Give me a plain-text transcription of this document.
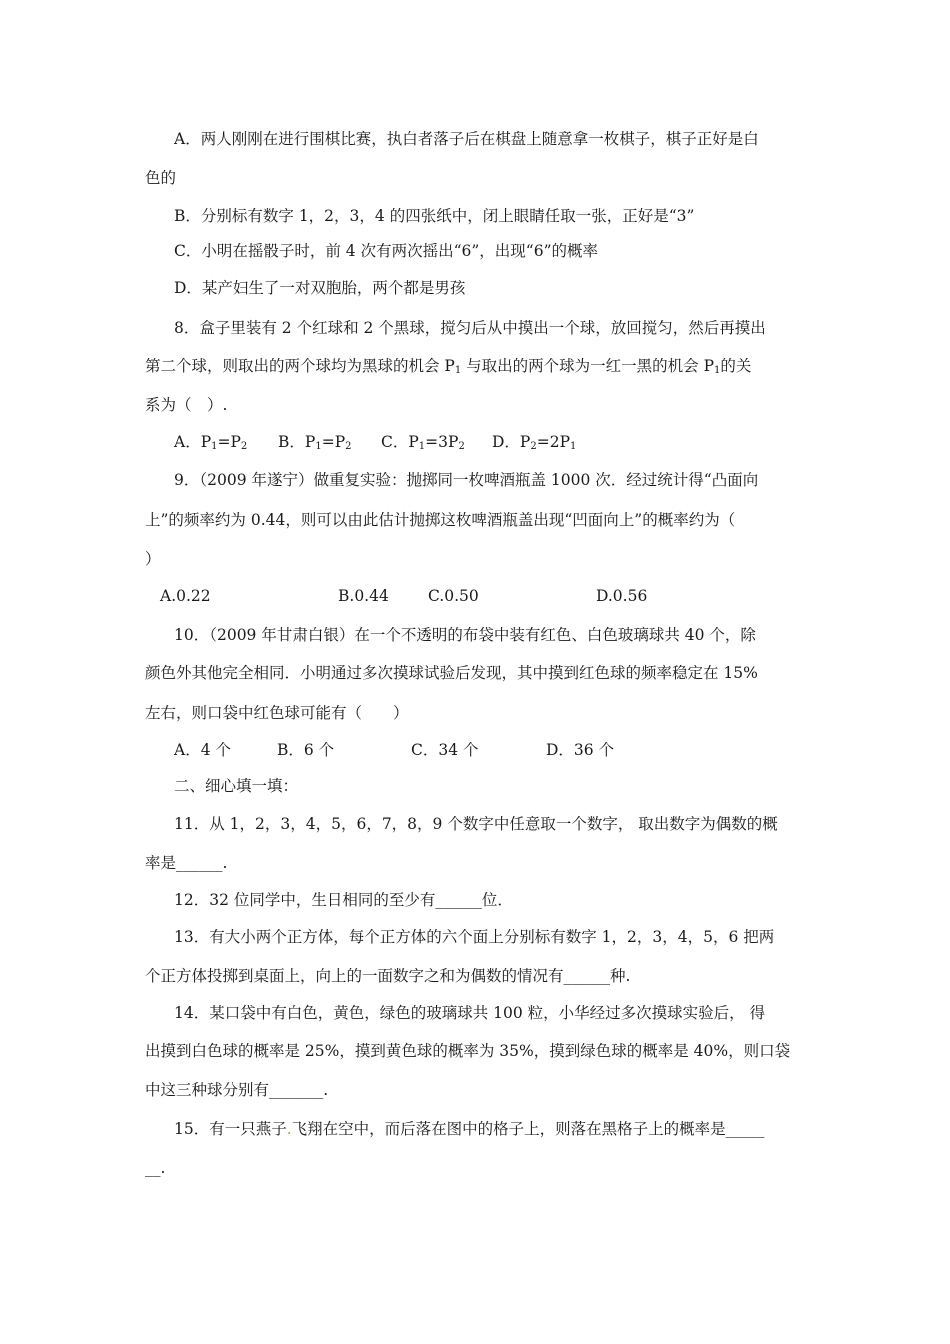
A．两人刚刚在进行围棋比赛，执白者落子后在棋盘上随意拿一枚棋子，棋子正好是白
色的
B．分别标有数字 1，2，3，4 的四张纸中，闭上眼睛任取一张，正好是“3”
C．小明在摇骰子时，前 4 次有两次摇出“6”，出现“6”的概率
D．某产妇生了一对双胞胎，两个都是男孩
8．盒子里装有 2 个红球和 2 个黑球，搅匀后从中摸出一个球，放回搅匀，然后再摸出
第二个球，则取出的两个球均为黑球的机会 $P_1$ 与取出的两个球为一红一黑的机会 $P_1$的关
系为（　）.
A．$P_1=P_2$ B．$P_1=P_2$ C．$P_1=3P_2$ D．$P_2=2P_1$
9．（2009 年遂宁）做重复实验：抛掷同一枚啤酒瓶盖 1000 次．经过统计得“凸面向
上”的频率约为 0.44，则可以由此估计抛掷这枚啤酒瓶盖出现“凹面向上”的概率约为（
）
A.0.22	B.0.44	C.0.50	D.0.56
10．（2009 年甘肃白银）在一个不透明的布袋中装有红色、白色玻璃球共 40 个，除
颜色外其他完全相同．小明通过多次摸球试验后发现，其中摸到红色球的频率稳定在 15%
左右，则口袋中红色球可能有（　　）
A．4 个	B．6 个	C．34 个	D．36 个
二、细心填一填：
11．从 1，2，3，4，5，6，7，8，9 个数字中任意取一个数字， 取出数字为偶数的概
率是______.
12．32 位同学中，生日相同的至少有______位．
13．有大小两个正方体，每个正方体的六个面上分别标有数字 1，2，3，4，5，6 把两
个正方体投掷到桌面上，向上的一面数字之和为偶数的情况有______种.
14．某口袋中有白色，黄色，绿色的玻璃球共 100 粒，小华经过多次摸球实验后， 得
出摸到白色球的概率是 25%，摸到黄色球的概率为 35%，摸到绿色球的概率是 40%，则口袋
中这三种球分别有_______.
15．有一只燕子.飞翔在空中，而后落在图中的格子上，则落在黑格子上的概率是_____
__.
